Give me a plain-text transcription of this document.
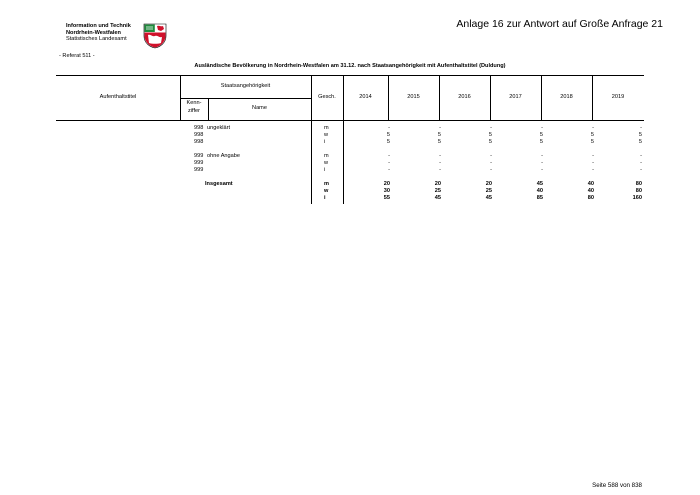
Information und Technik
Nordrhein-Westfalen
Statistisches Landesamt
Anlage 16 zur Antwort auf Große Anfrage 21
- Referat 511 -
Ausländische Bevölkerung in Nordrhein-Westfalen am 31.12. nach Staatsangehörigkeit mit Aufenthaltstitel (Duldung)
Aufenthaltstitel
Staatsangehörigkeit
Kenn-
ziffer	Name
Gesch.	2014	2015	2016	2017	2018	2019
998 ungeklärt	m	-	-	-	-	-	-
998	w	5	5	5	5	5	5
998	i	5	5	5	5	5	5
999 ohne Angabe	m	-	-	-	-	-	-
999	w	-	-	-	-	-	-
999	i	-	-	-	-	-	-
Insgesamt	m	20	20	20	45	40	80
w	30	25	25	40	40	80
i	55	45	45	85	80	160
Seite 588 von 838
